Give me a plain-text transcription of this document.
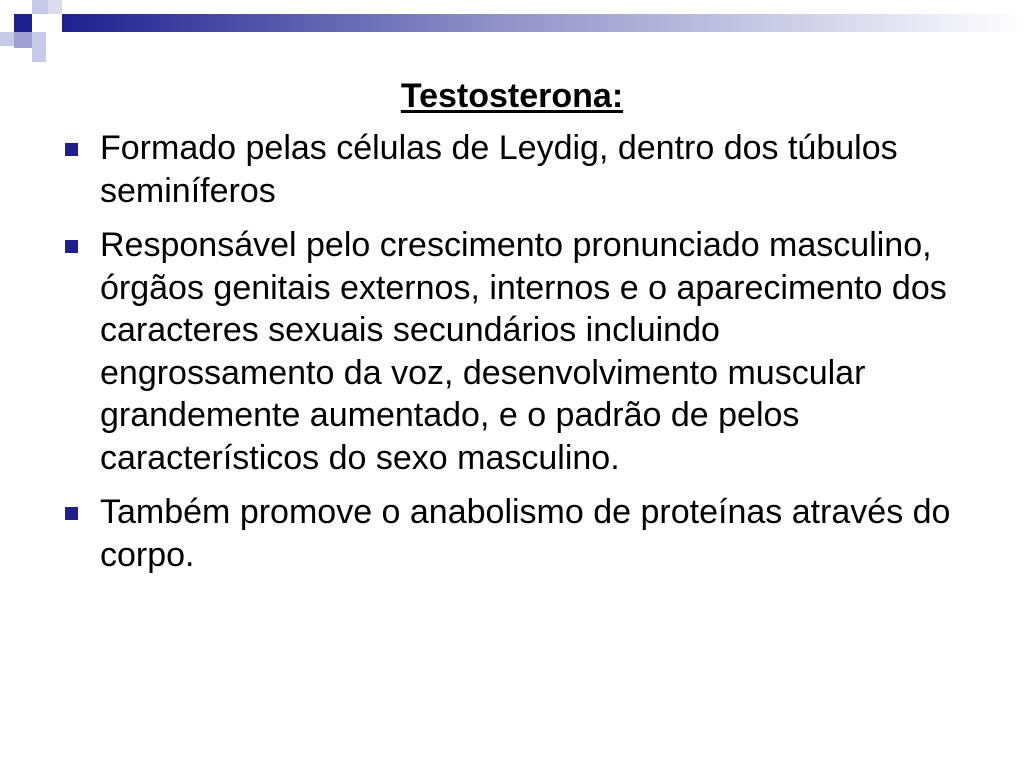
Testosterona:
Formado pelas células de Leydig, dentro dos túbulos seminíferos
Responsável pelo crescimento pronunciado masculino, órgãos genitais externos, internos e o aparecimento dos caracteres sexuais secundários incluindo engrossamento da voz, desenvolvimento muscular grandemente aumentado, e o padrão de pelos característicos do sexo masculino.
Também promove o anabolismo de proteínas através do corpo.
